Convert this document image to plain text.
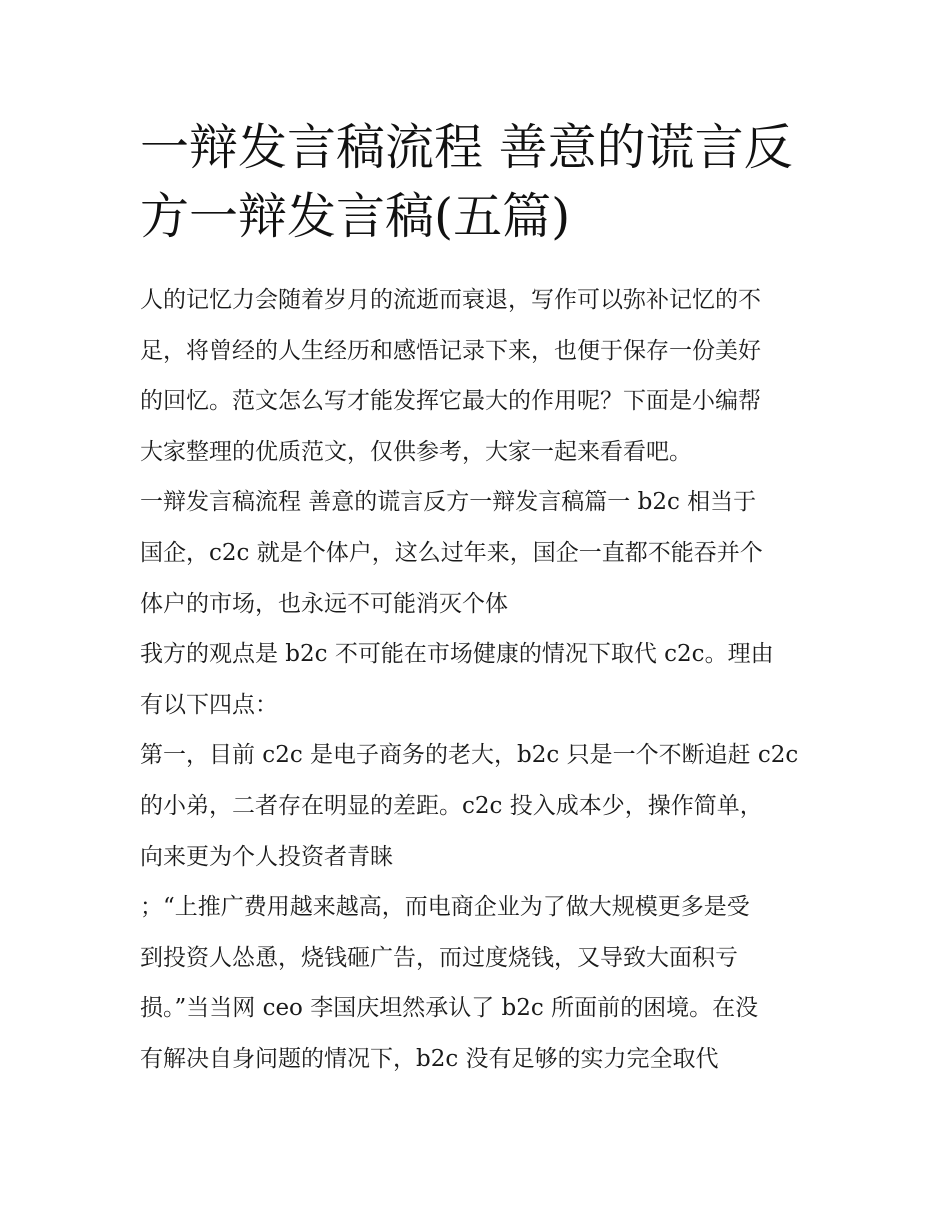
一辩发言稿流程 善意的谎言反
方一辩发言稿(五篇)
人的记忆力会随着岁月的流逝而衰退，写作可以弥补记忆的不
足，将曾经的人生经历和感悟记录下来，也便于保存一份美好
的回忆。范文怎么写才能发挥它最大的作用呢？下面是小编帮
大家整理的优质范文，仅供参考，大家一起来看看吧。
一辩发言稿流程 善意的谎言反方一辩发言稿篇一 b2c 相当于
国企，c2c 就是个体户，这么过年来，国企一直都不能吞并个
体户的市场，也永远不可能消灭个体
我方的观点是 b2c 不可能在市场健康的情况下取代 c2c。理由
有以下四点：
第一，目前 c2c 是电子商务的老大，b2c 只是一个不断追赶 c2c
的小弟，二者存在明显的差距。c2c 投入成本少，操作简单，
向来更为个人投资者青睐
；“上推广费用越来越高，而电商企业为了做大规模更多是受
到投资人怂恿，烧钱砸广告，而过度烧钱，又导致大面积亏
损。”当当网 ceo 李国庆坦然承认了 b2c 所面前的困境。在没
有解决自身问题的情况下，b2c 没有足够的实力完全取代
